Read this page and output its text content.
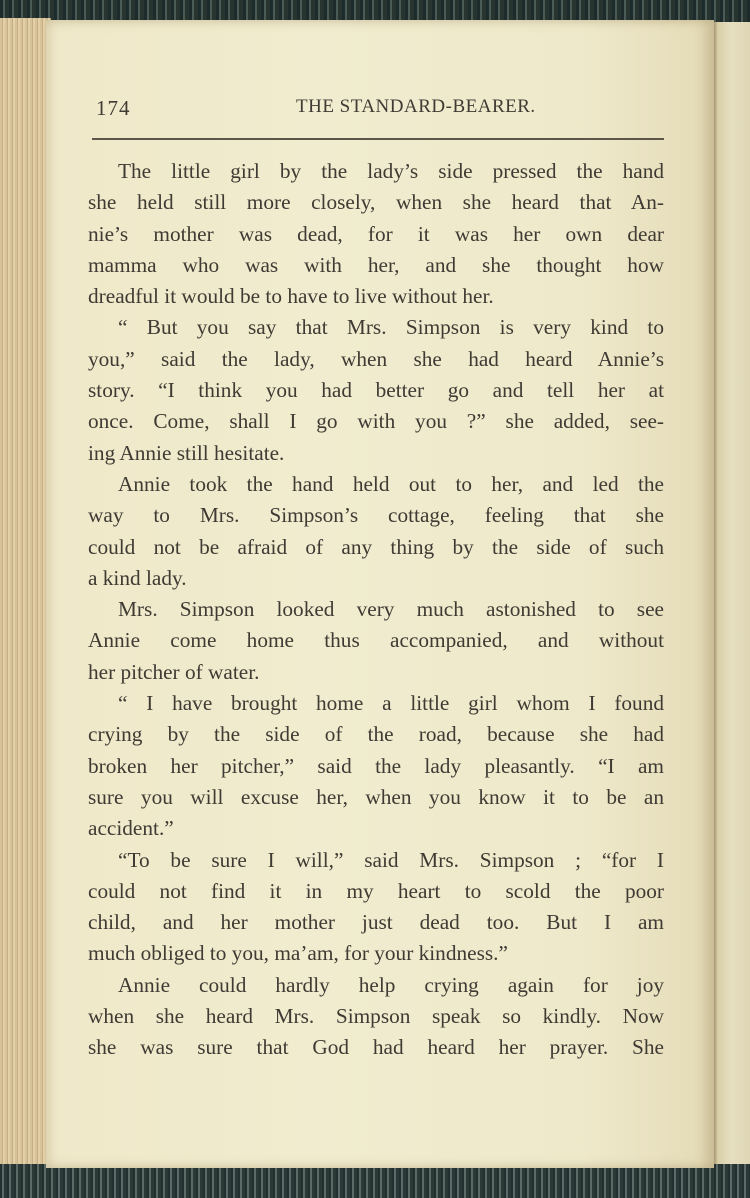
174	THE STANDARD-BEARER.
The little girl by the lady’s side pressed the hand
she held still more closely, when she heard that An-
nie’s mother was dead, for it was her own dear
mamma who was with her, and she thought how
dreadful it would be to have to live without her.
“ But you say that Mrs. Simpson is very kind to
you,” said the lady, when she had heard Annie’s
story. “I think you had better go and tell her at
once. Come, shall I go with you ?” she added, see-
ing Annie still hesitate.
Annie took the hand held out to her, and led the
way to Mrs. Simpson’s cottage, feeling that she
could not be afraid of any thing by the side of such
a kind lady.
Mrs. Simpson looked very much astonished to see
Annie come home thus accompanied, and without
her pitcher of water.
“ I have brought home a little girl whom I found
crying by the side of the road, because she had
broken her pitcher,” said the lady pleasantly. “I am
sure you will excuse her, when you know it to be an
accident.”
“To be sure I will,” said Mrs. Simpson ; “for I
could not find it in my heart to scold the poor
child, and her mother just dead too. But I am
much obliged to you, ma’am, for your kindness.”
Annie could hardly help crying again for joy
when she heard Mrs. Simpson speak so kindly. Now
she was sure that God had heard her prayer. She
